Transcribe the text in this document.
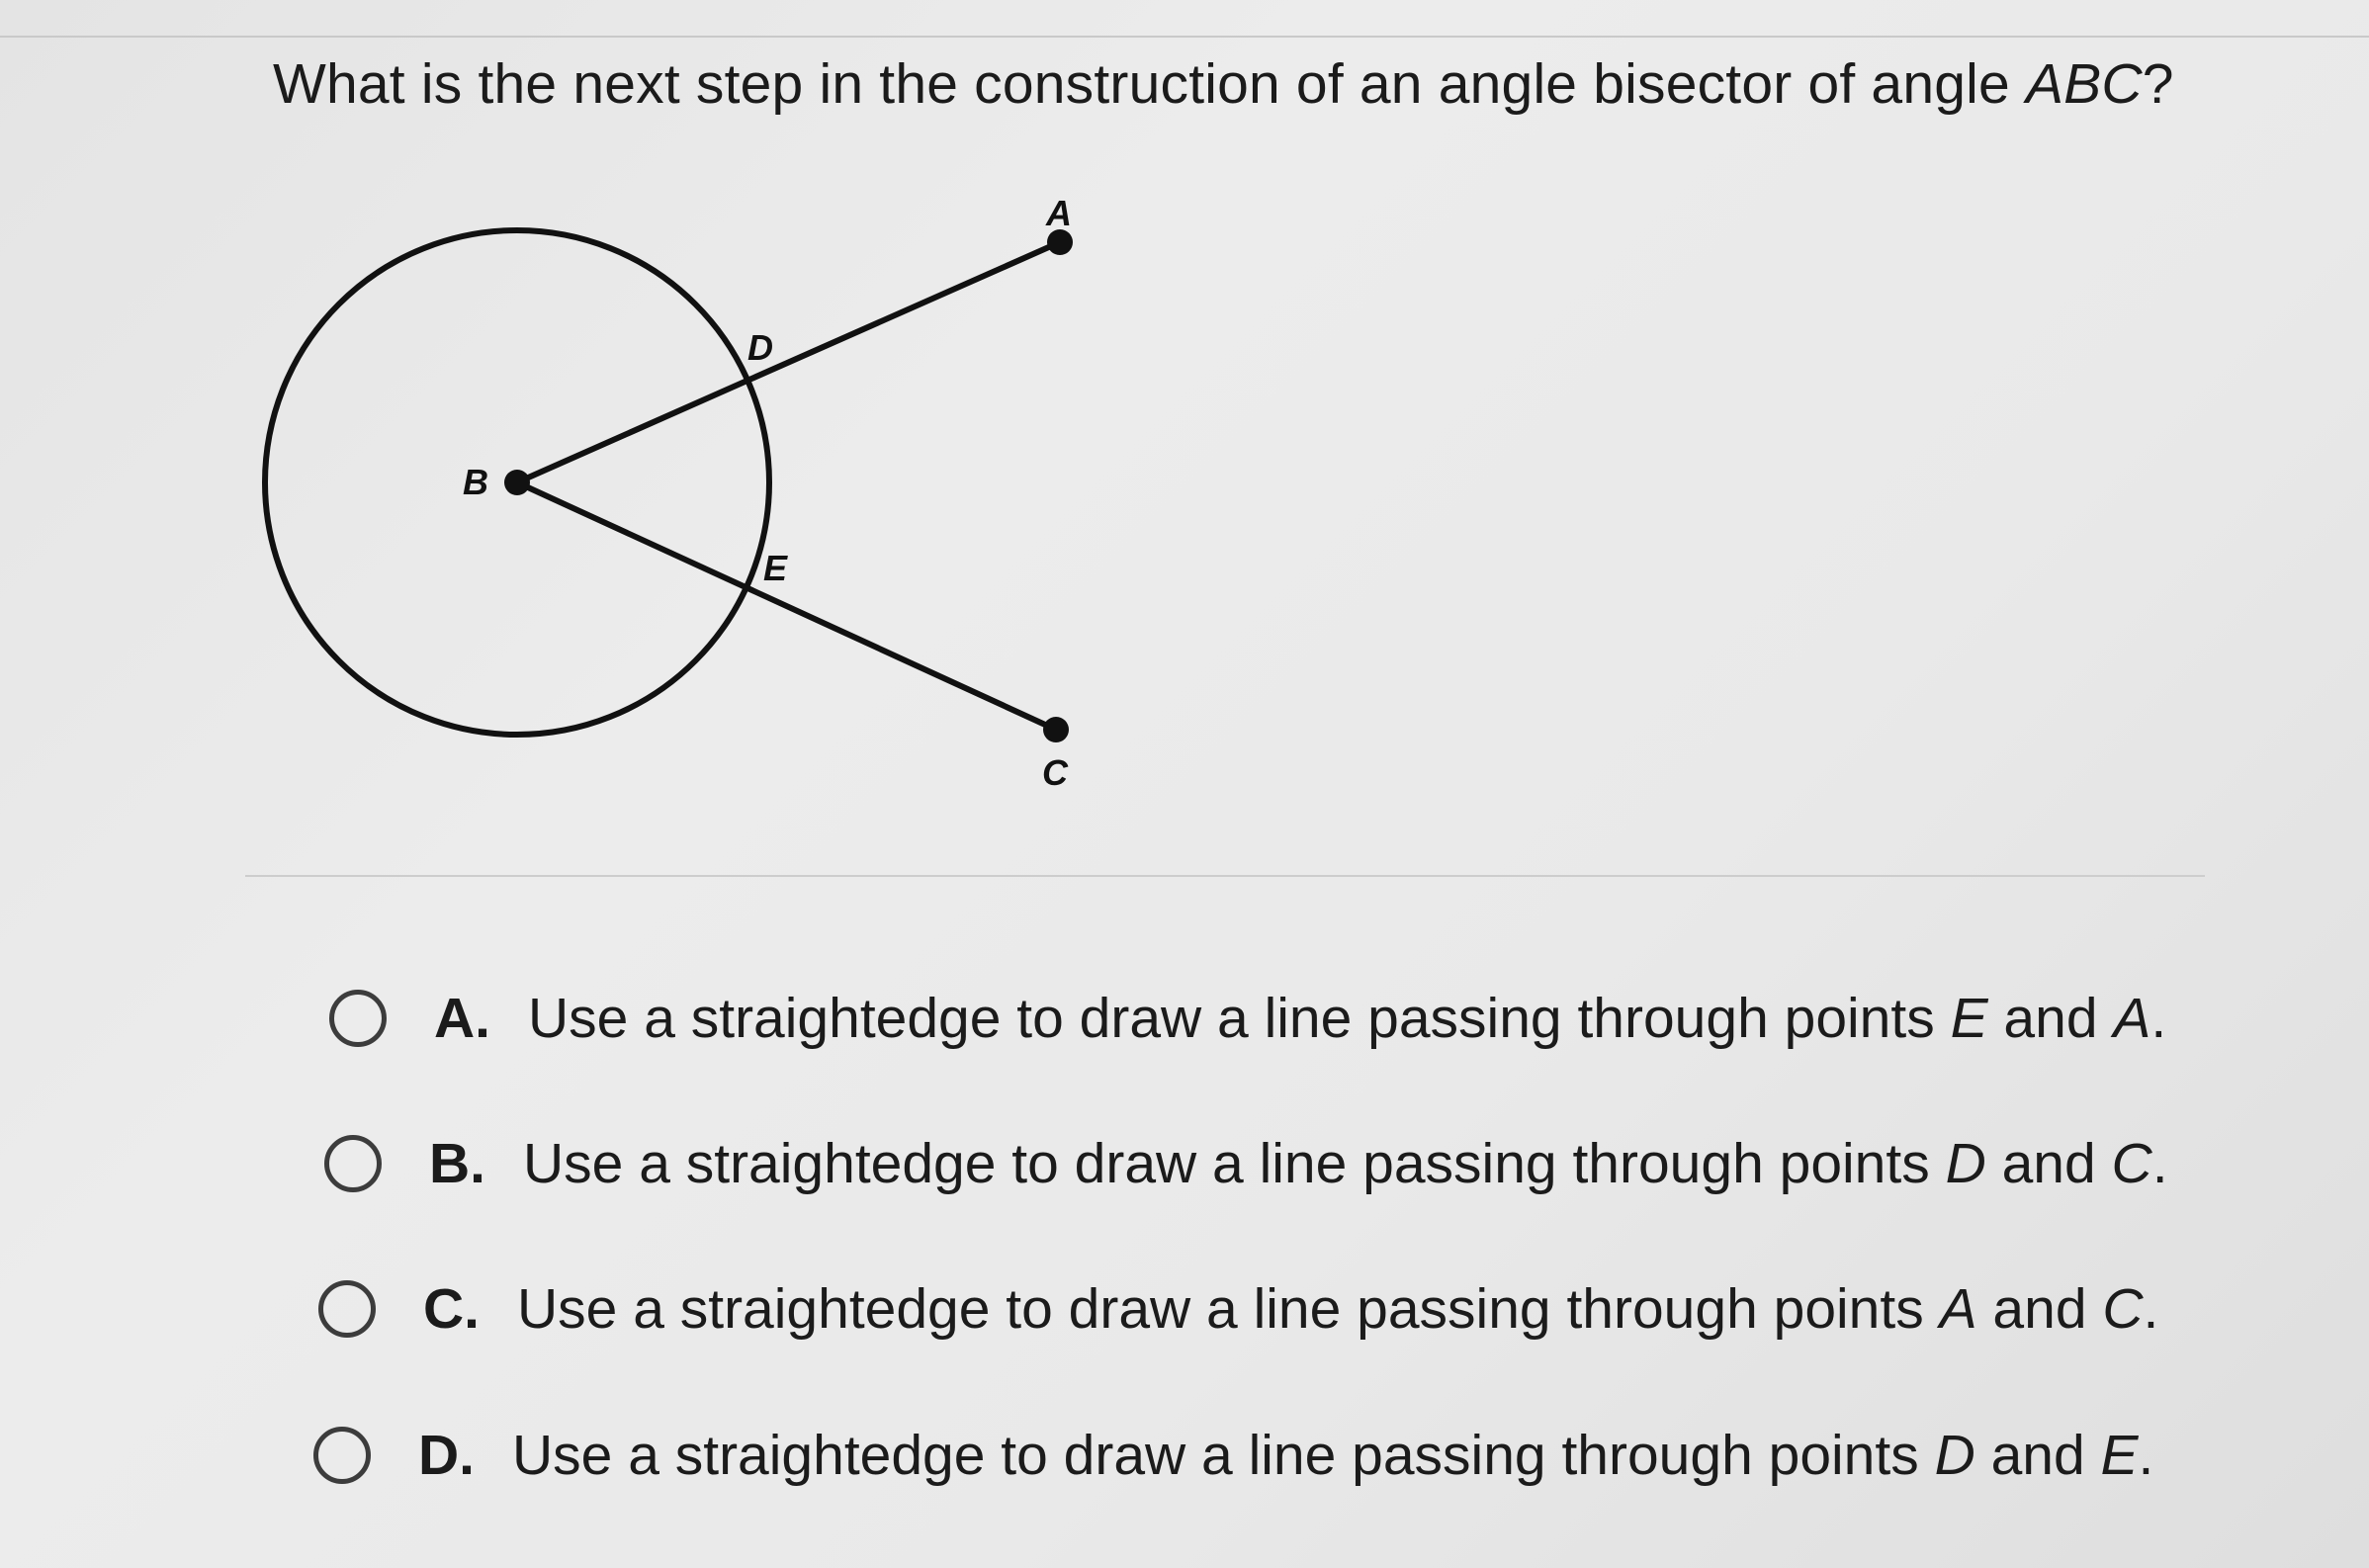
What is the next step in the construction of an angle bisector of angle ABC?
A
B
C
D
E
A. Use a straightedge to draw a line passing through points E and A.
B. Use a straightedge to draw a line passing through points D and C.
C. Use a straightedge to draw a line passing through points A and C.
D. Use a straightedge to draw a line passing through points D and E.
